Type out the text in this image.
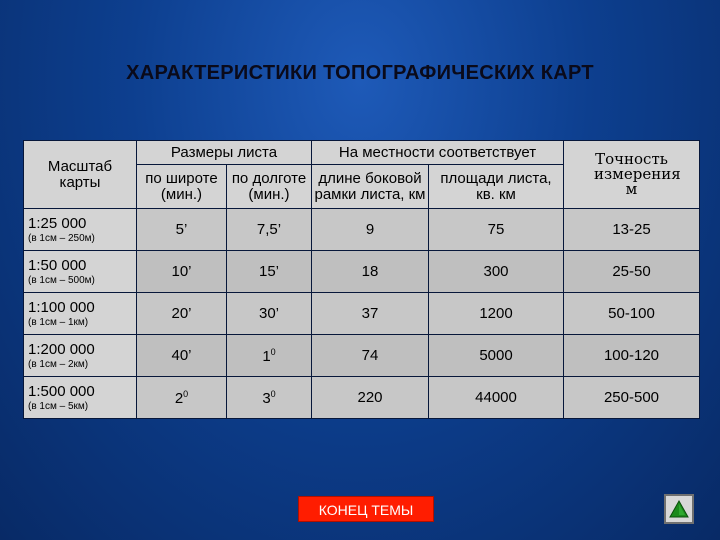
ХАРАКТЕРИСТИКИ ТОПОГРАФИЧЕСКИХ КАРТ
Масштаб карты	Размеры листа		На местности соответствует		Точность измерения м
	по широте (мин.)	по долготе (мин.)	длине боковой рамки листа, км	площади листа, кв. км	

1:25 000
(в 1см – 250м)	5’	7,5’	9	75	13-25

1:50 000
(в 1см – 500м)	10’	15’	18	300	25-50

1:100 000
(в 1см – 1км)	20’	30’	37	1200	50-100

1:200 000
(в 1см – 2км)	40’	$1^0$	74	5000	100-120

1:500 000
(в 1см – 5км)	$2^0$	$3^0$	220	44000	250-500
КОНЕЦ ТЕМЫ
